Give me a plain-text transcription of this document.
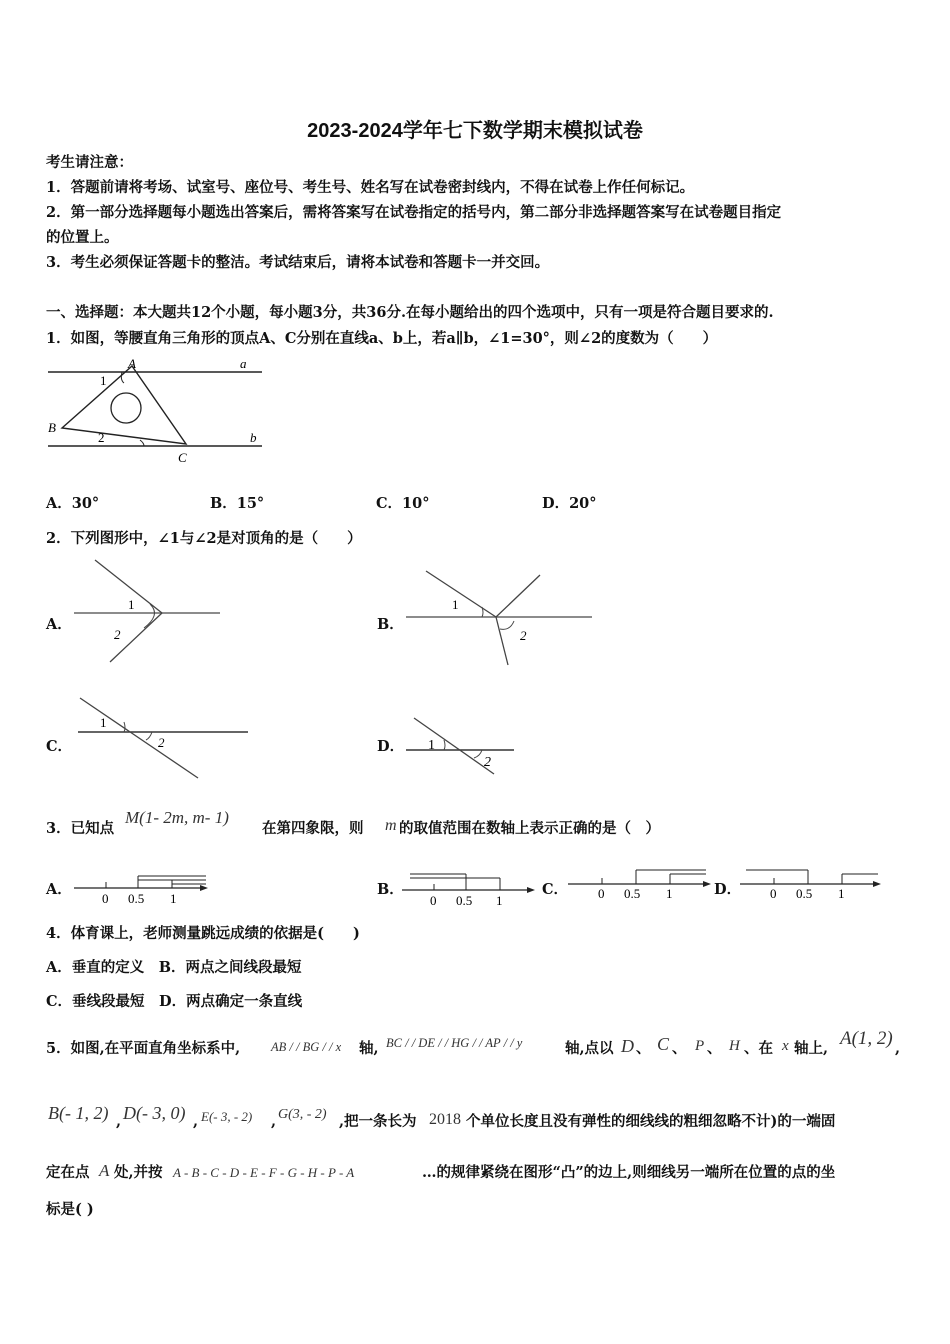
2023-2024学年七下数学期末模拟试卷
考生请注意：
1．答题前请将考场、试室号、座位号、考生号、姓名写在试卷密封线内，不得在试卷上作任何标记。
2．第一部分选择题每小题选出答案后，需将答案写在试卷指定的括号内，第二部分非选择题答案写在试卷题目指定
的位置上。
3．考生必须保证答题卡的整洁。考试结束后，请将本试卷和答题卡一并交回。
一、选择题：本大题共12个小题，每小题3分，共36分.在每小题给出的四个选项中，只有一项是符合题目要求的.
1．如图，等腰直角三角形的顶点A、C分别在直线a、b上，若a∥b，∠1=30°，则∠2的度数为（　　）
A
B
C
a
b
1
2
A．30°	B．15°	C．10°	D．20°
2．下列图形中，∠1与∠2是对顶角的是（　　）
A．
1
2
B．
1
2
C．
1
2	D． 1
2
3．已知点
M(1- 2m, m- 1)
在第四象限，则 m 的取值范围在数轴上表示正确的是（　）
A．
0 0.5 1
B．
0 0.5 1
C． 0 0.5 1	D． 0 0.5 1
4．体育课上，老师测量跳远成绩的依据是(　　)
A．垂直的定义　B．两点之间线段最短
C．垂线段最短　D．两点确定一条直线
5．如图,在平面直角坐标系中, AB / / BG / / x 轴, BC / / DE / / HG / / AP / / y	轴,点以 D 、 C 、 P 、 H 、在 x 轴上, A(1, 2) ,
B(- 1, 2) , D(- 3, 0) , E(- 3, - 2) , G(3, - 2) ,把一条长为 2018 个单位长度且没有弹性的细线线的粗细忽略不计)的一端固
定在点 A 处,并按 A - B - C - D - E - F - G - H - P - A	…的规律紧绕在图形“凸”的边上,则细线另一端所在位置的点的坐
标是( )
